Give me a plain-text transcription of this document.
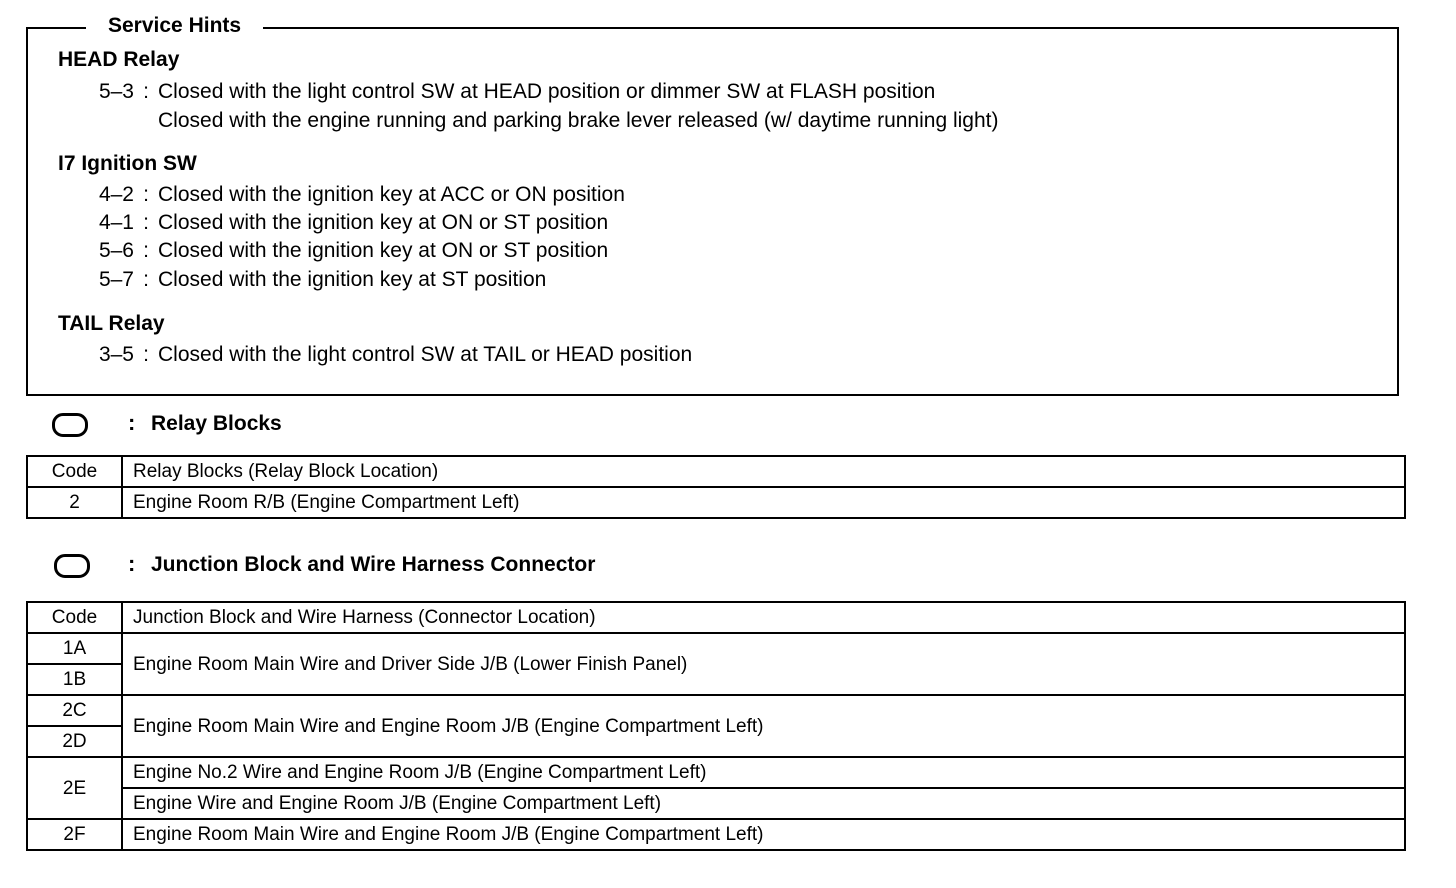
Service Hints
HEAD Relay
5–3 : Closed with the light control SW at HEAD position or dimmer SW at FLASH position
Closed with the engine running and parking brake lever released (w/ daytime running light)
I7 Ignition SW
4–2 : Closed with the ignition key at ACC or ON position
4–1 : Closed with the ignition key at ON or ST position
5–6 : Closed with the ignition key at ON or ST position
5–7 : Closed with the ignition key at ST position
TAIL Relay
3–5 : Closed with the light control SW at TAIL or HEAD position
: Relay Blocks
Code	Relay Blocks (Relay Block Location)
2	Engine Room R/B (Engine Compartment Left)
: Junction Block and Wire Harness Connector
Code	Junction Block and Wire Harness (Connector Location)
1A	Engine Room Main Wire and Driver Side J/B (Lower Finish Panel)
1B	
2C	Engine Room Main Wire and Engine Room J/B (Engine Compartment Left)
2D	
2E	Engine No.2 Wire and Engine Room J/B (Engine Compartment Left)
	Engine Wire and Engine Room J/B (Engine Compartment Left)
2F	Engine Room Main Wire and Engine Room J/B (Engine Compartment Left)
